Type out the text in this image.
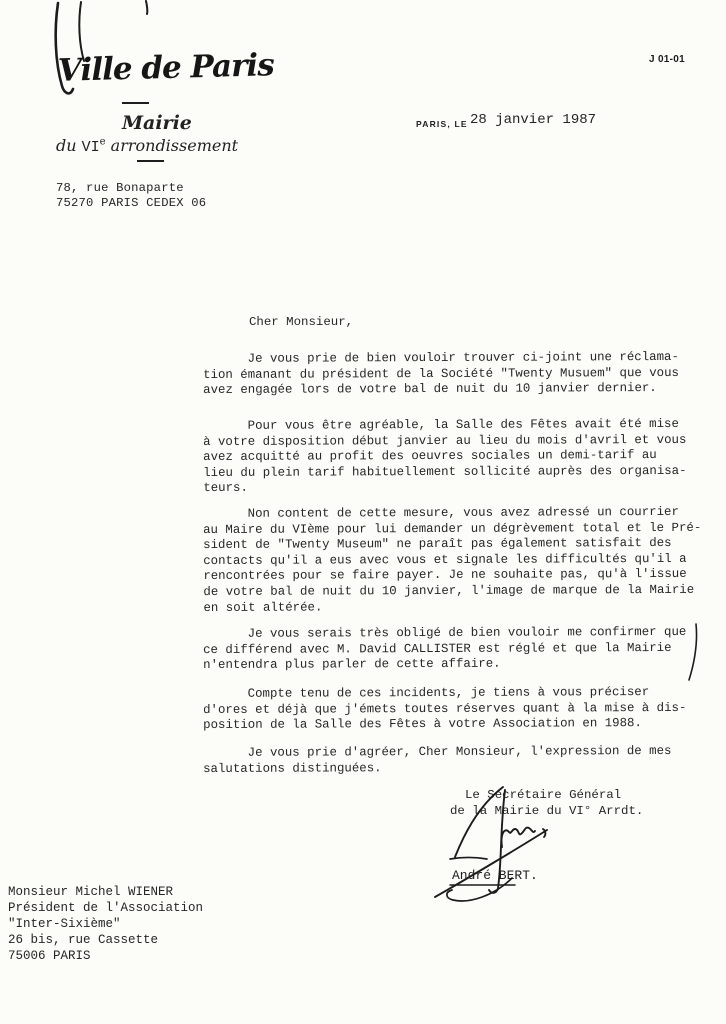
Ville de Paris
Mairie
du VIe arrondissement
78, rue Bonaparte
75270 PARIS CEDEX 06
J 01-01
PARIS, LE 28 janvier 1987
Cher Monsieur,
Je vous prie de bien vouloir trouver ci-joint une réclama-
tion émanant du président de la Société "Twenty Musuem" que vous
avez engagée lors de votre bal de nuit du 10 janvier dernier.
Pour vous être agréable, la Salle des Fêtes avait été mise
à votre disposition début janvier au lieu du mois d'avril et vous
avez acquitté au profit des oeuvres sociales un demi-tarif au
lieu du plein tarif habituellement sollicité auprès des organisa-
teurs.
Non content de cette mesure, vous avez adressé un courrier
au Maire du VIème pour lui demander un dégrèvement total et le Pré-
sident de "Twenty Museum" ne paraît pas également satisfait des
contacts qu'il a eus avec vous et signale les difficultés qu'il a
rencontrées pour se faire payer. Je ne souhaite pas, qu'à l'issue
de votre bal de nuit du 10 janvier, l'image de marque de la Mairie
en soit altérée.
Je vous serais très obligé de bien vouloir me confirmer que
ce différend avec M. David CALLISTER est réglé et que la Mairie
n'entendra plus parler de cette affaire.
Compte tenu de ces incidents, je tiens à vous préciser
d'ores et déjà que j'émets toutes réserves quant à la mise à dis-
position de la Salle des Fêtes à votre Association en 1988.
Je vous prie d'agréer, Cher Monsieur, l'expression de mes
salutations distinguées.
Le Secrétaire Général
de la Mairie du VI° Arrdt.
André BERT.
Monsieur Michel WIENER
Président de l'Association
"Inter-Sixième"
26 bis, rue Cassette
75006 PARIS
